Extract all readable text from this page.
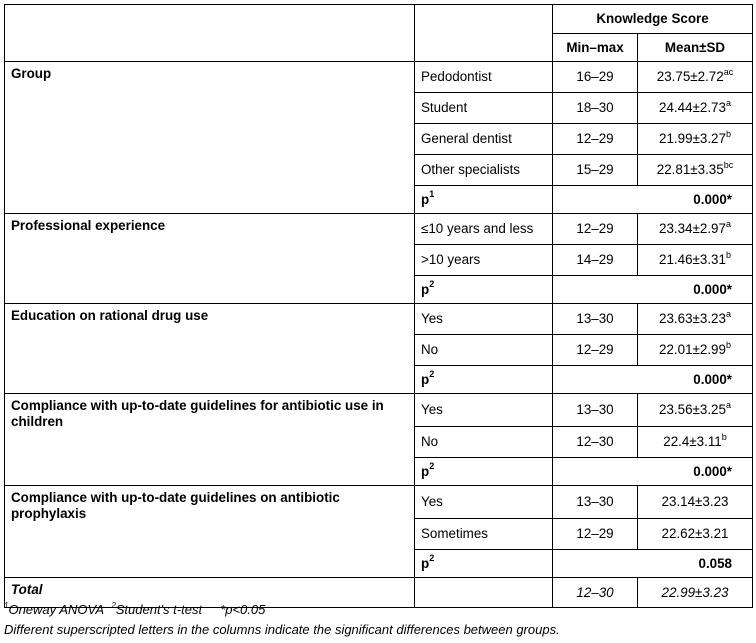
		Knowledge Score	
		Min–max	Mean±SD
Group	Pedodontist	16–29	23.75±2.72$^{ac}$
	Student	18–30	24.44±2.73$^a$
	General dentist	12–29	21.99±3.27$^b$
	Other specialists	15–29	22.81±3.35$^{bc}$
	$p^1$	0.000*	
Professional experience	≤10 years and less	12–29	23.34±2.97$^a$
	>10 years	14–29	21.46±3.31$^b$
	$p^2$	0.000*	
Education on rational drug use	Yes	13–30	23.63±3.23$^a$
	No	12–29	22.01±2.99$^b$
	$p^2$	0.000*	
Compliance with up-to-date guidelines for antibiotic use in children	Yes	13–30	23.56±3.25$^a$
	No	12–30	22.4±3.11$^b$
	$p^2$	0.000*	
Compliance with up-to-date guidelines on antibiotic prophylaxis	Yes	13–30	23.14±3.23
	Sometimes	12–29	22.62±3.21
	$p^2$	0.058	
Total		12–30	22.99±3.23
$^1$Oneway ANOVA $^2$Student's t-test *p<0.05
Different superscripted letters in the columns indicate the significant differences between groups.
